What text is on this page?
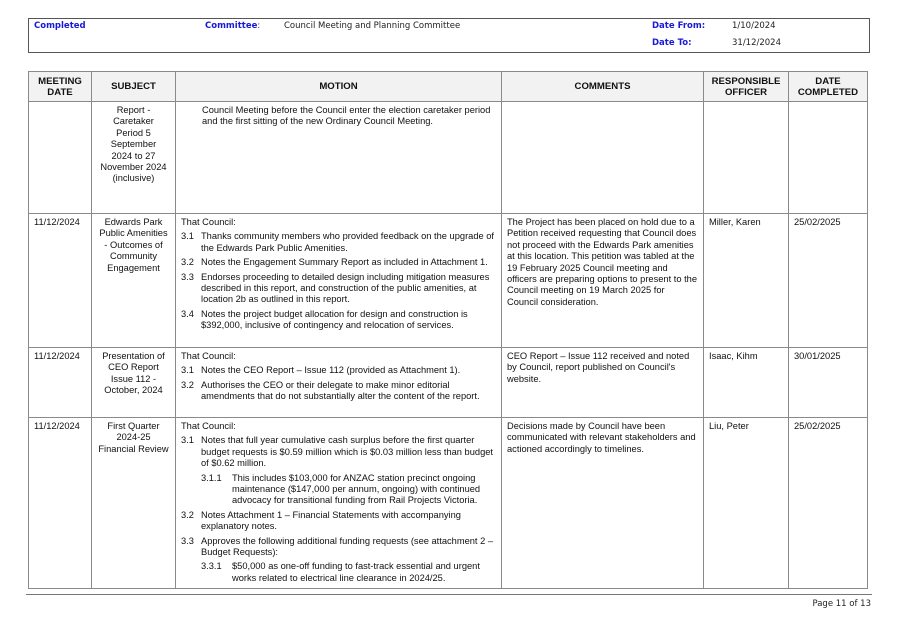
Completed	Committee:	Council Meeting and Planning Committee	Date From:	1/10/2024
Date To:	31/12/2024
MEETING DATE	SUBJECT	MOTION	COMMENTS	RESPONSIBLE OFFICER	DATE COMPLETED
	Report - Caretaker Period 5 September 2024 to 27 November 2024 (inclusive)	Council Meeting before the Council enter the election caretaker period and the first sitting of the new Ordinary Council Meeting.			

11/12/2024	Edwards Park Public Amenities - Outcomes of Community Engagement	

That Council:

3.1 Thanks community members who provided feedback on the upgrade of the Edwards Park Public Amenities.
3.2 Notes the Engagement Summary Report as included in Attachment 1.
3.3 Endorses proceeding to detailed design including mitigation measures described in this report, and construction of the public amenities, at location 2b as outlined in this report.
3.4 Notes the project budget allocation for design and construction is $392,000, inclusive of contingency and relocation of services.
	The Project has been placed on hold due to a Petition received requesting that Council does not proceed with the Edwards Park amenities at this location. This petition was tabled at the 19 February 2025 Council meeting and officers are preparing options to present to the Council meeting on 19 March 2025 for Council consideration.	Miller, Karen	25/02/2025
11/12/2024	Presentation of CEO Report Issue 112 - October, 2024	That Council:

3.1 Notes the CEO Report – Issue 112 (provided as Attachment 1).
3.2 Authorises the CEO or their delegate to make minor editorial amendments that do not substantially alter the content of the report.	CEO Report – Issue 112 received and noted by Council, report published on Council's website.	Isaac, Kihm	30/01/2025
11/12/2024	First Quarter 2024-25 Financial Review	

That Council:

3.1 Notes that full year cumulative cash surplus before the first quarter budget requests is $0.59 million which is $0.03 million less than budget of $0.62 million.
3.1.1	This includes $103,000 for ANZAC station precinct ongoing maintenance ($147,000 per annum, ongoing) with continued advocacy for transitional funding from Rail Projects Victoria.
3.2 Notes Attachment 1 – Financial Statements with accompanying explanatory notes.
3.3 Approves the following additional funding requests (see attachment 2 –Budget Requests):
3.3.1	$50,000 as one-off funding to fast-track essential and urgent works related to electrical line clearance in 2024/25.
	Decisions made by Council have been communicated with relevant stakeholders and actioned accordingly to timelines.	Liu, Peter	25/02/2025
Page 11 of 13
